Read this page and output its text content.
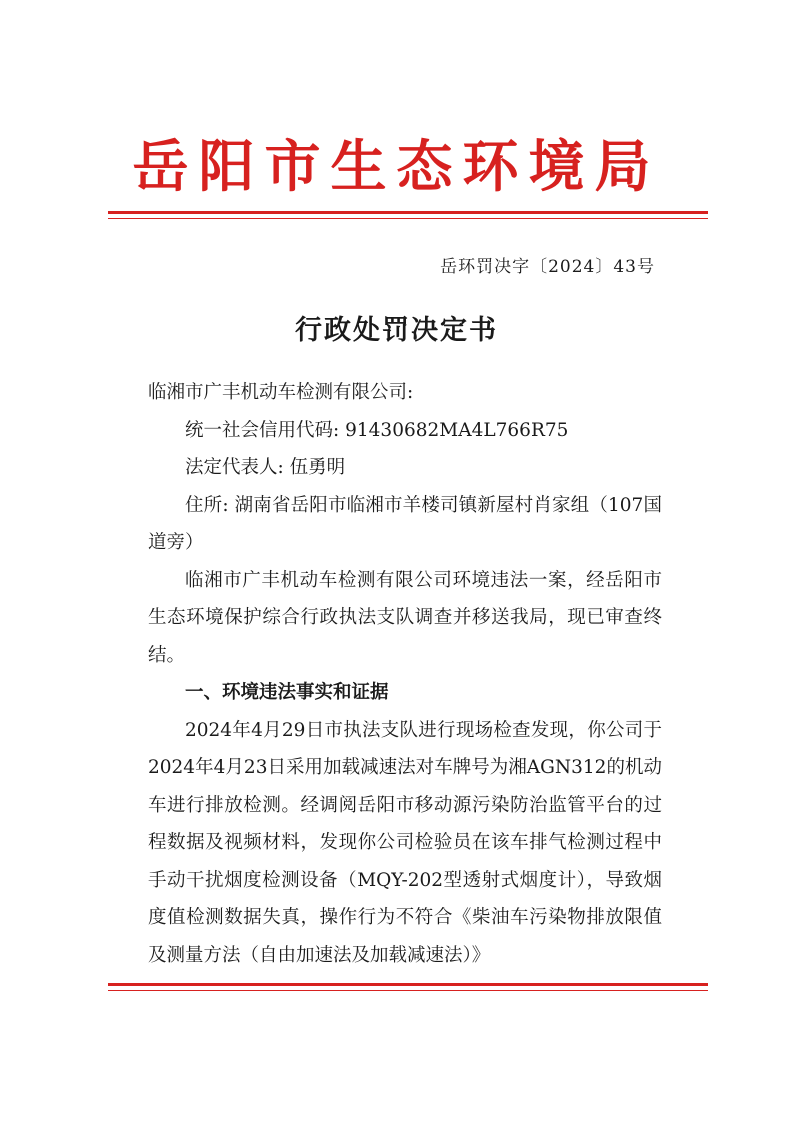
岳阳市生态环境局
岳环罚决字〔2024〕43号
行政处罚决定书

临湘市广丰机动车检测有限公司:

统一社会信用代码: 91430682MA4L766R75

法定代表人: 伍勇明

住所: 湖南省岳阳市临湘市羊楼司镇新屋村肖家组（107国道旁）

临湘市广丰机动车检测有限公司环境违法一案，经岳阳市生态环境保护综合行政执法支队调查并移送我局，现已审查终结。

一、环境违法事实和证据

2024年4月29日市执法支队进行现场检查发现，你公司于2024年4月23日采用加载减速法对车牌号为湘AGN312的机动车进行排放检测。经调阅岳阳市移动源污染防治监管平台的过程数据及视频材料，发现你公司检验员在该车排气检测过程中手动干扰烟度检测设备（MQY-202型透射式烟度计），导致烟度值检测数据失真，操作行为不符合《柴油车污染物排放限值及测量方法（自由加速法及加载减速法）》
